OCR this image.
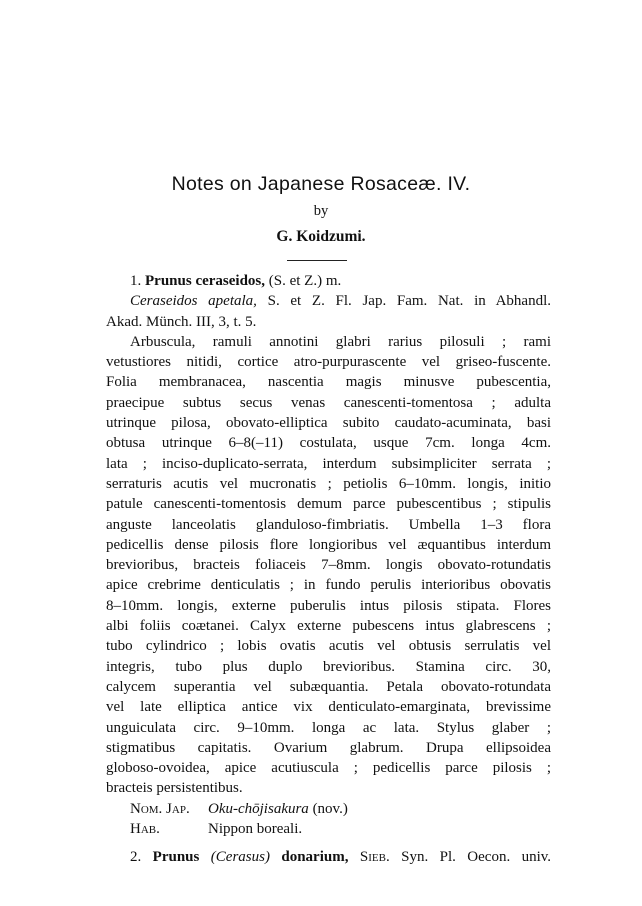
Notes on Japanese Rosaceæ. IV.
by
G. Koidzumi.
1. Prunus ceraseidos, (S. et Z.) m.
Ceraseidos apetala, S. et Z. Fl. Jap. Fam. Nat. in Abhandl.
Akad. Münch. III, 3, t. 5.
Arbuscula, ramuli annotini glabri rarius pilosuli ; rami
vetustiores nitidi, cortice atro-purpurascente vel griseo-fuscente.
Folia membranacea, nascentia magis minusve pubescentia,
praecipue subtus secus venas canescenti-tomentosa ; adulta
utrinque pilosa, obovato-elliptica subito caudato-acuminata, basi
obtusa utrinque 6–8(–11) costulata, usque 7cm. longa 4cm.
lata ; inciso-duplicato-serrata, interdum subsimpliciter serrata ;
serraturis acutis vel mucronatis ; petiolis 6–10mm. longis, initio
patule canescenti-tomentosis demum parce pubescentibus ; stipulis
anguste lanceolatis glanduloso-fimbriatis. Umbella 1–3 flora
pedicellis dense pilosis flore longioribus vel æquantibus interdum
brevioribus, bracteis foliaceis 7–8mm. longis obovato-rotundatis
apice crebrime denticulatis ; in fundo perulis interioribus obovatis
8–10mm. longis, externe puberulis intus pilosis stipata. Flores
albi foliis coætanei. Calyx externe pubescens intus glabrescens ;
tubo cylindrico ; lobis ovatis acutis vel obtusis serrulatis vel
integris, tubo plus duplo brevioribus. Stamina circ. 30,
calycem superantia vel subæquantia. Petala obovato-rotundata
vel late elliptica antice vix denticulato-emarginata, brevissime
unguiculata circ. 9–10mm. longa ac lata. Stylus glaber ;
stigmatibus capitatis. Ovarium glabrum. Drupa ellipsoidea
globoso-ovoidea, apice acutiuscula ; pedicellis parce pilosis ;
bracteis persistentibus.
Nom. Jap. Oku-chōjisakura (nov.)
Hab.	Nippon boreali.
2. Prunus (Cerasus) donarium, Sieb. Syn. Pl. Oecon. univ.
